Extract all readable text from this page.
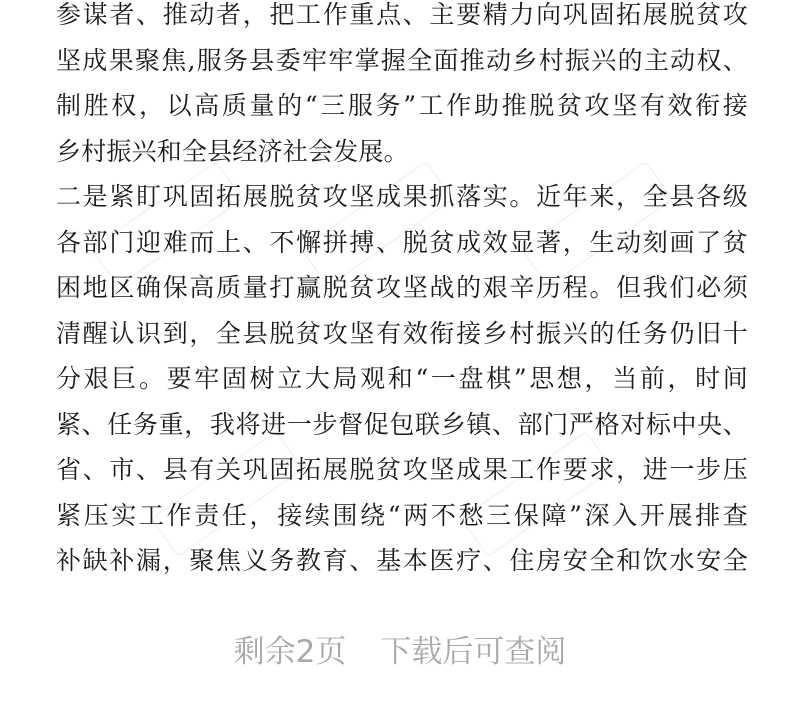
参谋者、推动者，把工作重点、主要精力向巩固拓展脱贫攻
坚成果聚焦,服务县委牢牢掌握全面推动乡村振兴的主动权、
制胜权，以高质量的“三服务”工作助推脱贫攻坚有效衔接
乡村振兴和全县经济社会发展。
二是紧盯巩固拓展脱贫攻坚成果抓落实。近年来，全县各级
各部门迎难而上、不懈拼搏、脱贫成效显著，生动刻画了贫
困地区确保高质量打赢脱贫攻坚战的艰辛历程。但我们必须
清醒认识到，全县脱贫攻坚有效衔接乡村振兴的任务仍旧十
分艰巨。要牢固树立大局观和“一盘棋”思想，当前，时间
紧、任务重，我将进一步督促包联乡镇、部门严格对标中央、
省、市、县有关巩固拓展脱贫攻坚成果工作要求，进一步压
紧压实工作责任，接续围绕“两不愁三保障”深入开展排查
补缺补漏，聚焦义务教育、基本医疗、住房安全和饮水安全
剩余2页 下载后可查阅
